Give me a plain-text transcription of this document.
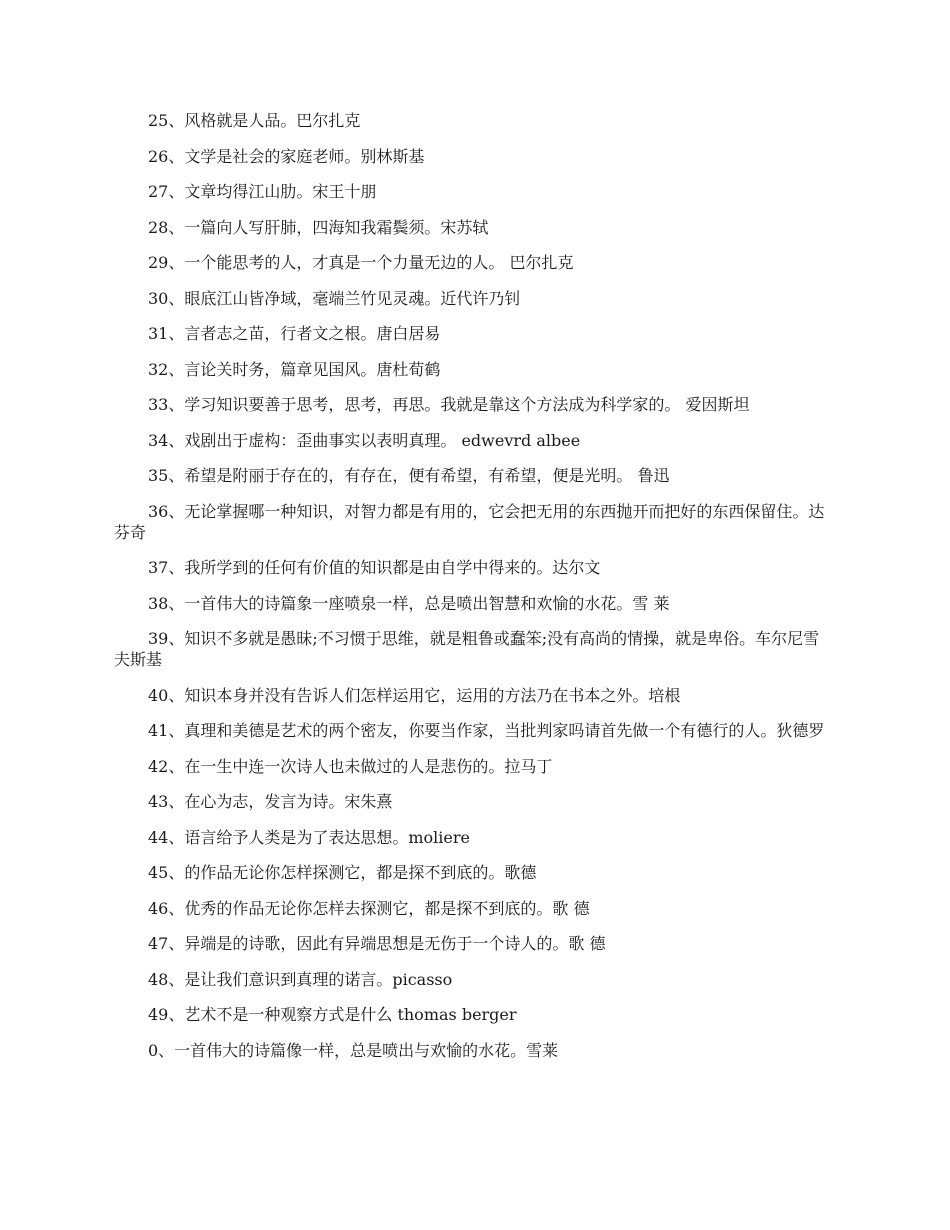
25、风格就是人品。巴尔扎克
26、文学是社会的家庭老师。别林斯基
27、文章均得江山肋。宋王十朋
28、一篇向人写肝肺，四海知我霜鬓须。宋苏轼
29、一个能思考的人，才真是一个力量无边的人。 巴尔扎克
30、眼底江山皆净域，毫端兰竹见灵魂。近代许乃钊
31、言者志之苗，行者文之根。唐白居易
32、言论关时务，篇章见国风。唐杜荀鹤
33、学习知识要善于思考，思考，再思。我就是靠这个方法成为科学家的。 爱因斯坦
34、戏剧出于虚构：歪曲事实以表明真理。 edwevrd albee
35、希望是附丽于存在的，有存在，便有希望，有希望，便是光明。 鲁迅
36、无论掌握哪一种知识，对智力都是有用的，它会把无用的东西抛开而把好的东西保留住。达芬奇
37、我所学到的任何有价值的知识都是由自学中得来的。达尔文
38、一首伟大的诗篇象一座喷泉一样，总是喷出智慧和欢愉的水花。雪 莱
39、知识不多就是愚昧;不习惯于思维，就是粗鲁或蠢笨;没有高尚的情操，就是卑俗。车尔尼雪夫斯基
40、知识本身并没有告诉人们怎样运用它，运用的方法乃在书本之外。培根
41、真理和美德是艺术的两个密友，你要当作家，当批判家吗请首先做一个有德行的人。狄德罗
42、在一生中连一次诗人也未做过的人是悲伤的。拉马丁
43、在心为志，发言为诗。宋朱熹
44、语言给予人类是为了表达思想。moliere
45、的作品无论你怎样探测它，都是探不到底的。歌德
46、优秀的作品无论你怎样去探测它，都是探不到底的。歌 德
47、异端是的诗歌，因此有异端思想是无伤于一个诗人的。歌 德
48、是让我们意识到真理的诺言。picasso
49、艺术不是一种观察方式是什么 thomas berger
0、一首伟大的诗篇像一样，总是喷出与欢愉的水花。雪莱
